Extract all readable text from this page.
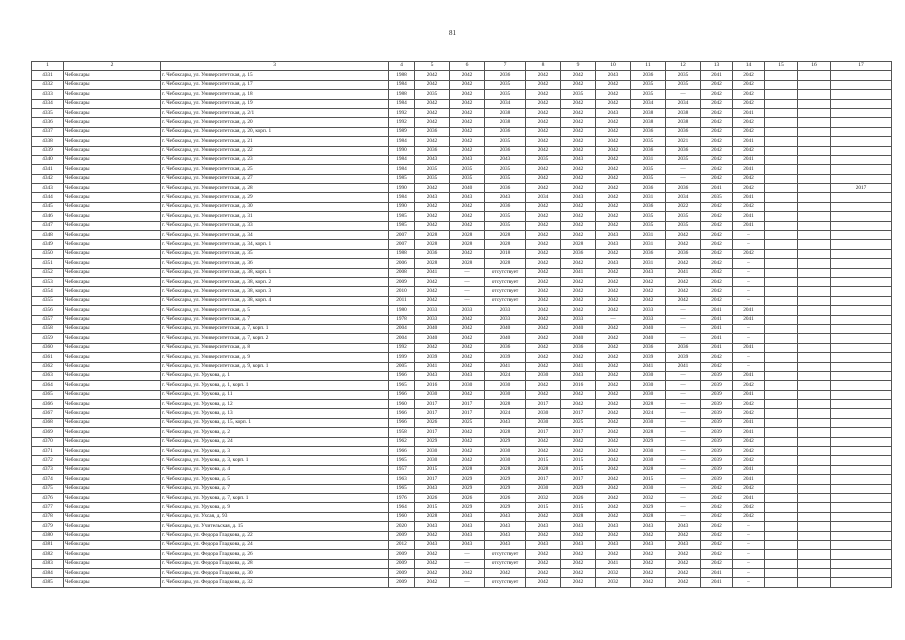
81
1	2	3	4	5	6	7	8	9	10	11	12	13	14	15	16	17
4331	Чебоксары	г. Чебоксары, ул. Университетская, д. 15	1988	2042	2042	2036	2042	2042	2043	2036	2035	2041	2042			
4332	Чебоксары	г. Чебоксары, ул. Университетская, д. 17	1984	2042	2042	2035	2042	2042	2042	2035	2035	2042	2042			
4333	Чебоксары	г. Чебоксары, ул. Университетская, д. 18	1988	2035	2042	2035	2042	2035	2042	2035	—	2042	2042			
4334	Чебоксары	г. Чебоксары, ул. Университетская, д. 19	1984	2042	2042	2034	2042	2042	2042	2034	2034	2042	2042			
4335	Чебоксары	г. Чебоксары, ул. Университетская, д. 2/1	1992	2042	2042	2038	2042	2042	2043	2038	2038	2042	2041			
4336	Чебоксары	г. Чебоксары, ул. Университетская, д. 20	1992	2042	2042	2038	2042	2042	2042	2038	2038	2042	2042			
4337	Чебоксары	г. Чебоксары, ул. Университетская, д. 20, корп. 1	1989	2036	2042	2036	2042	2042	2042	2036	2036	2042	2042			
4338	Чебоксары	г. Чебоксары, ул. Университетская, д. 21	1984	2042	2042	2035	2042	2042	2042	2035	2021	2042	2041			
4339	Чебоксары	г. Чебоксары, ул. Университетская, д. 22	1990	2036	2042	2036	2042	2042	2042	2036	2036	2042	2042			
4340	Чебоксары	г. Чебоксары, ул. Университетская, д. 23	1984	2043	2043	2043	2035	2043	2042	2031	2035	2042	2041			
4341	Чебоксары	г. Чебоксары, ул. Университетская, д. 25	1984	2035	2035	2035	2042	2042	2042	2035	—	2042	2041			
4342	Чебоксары	г. Чебоксары, ул. Университетская, д. 27	1985	2035	2035	2035	2042	2042	2042	2035	—	2042	2042			
4343	Чебоксары	г. Чебоксары, ул. Университетская, д. 28	1990	2042	2040	2036	2042	2042	2042	2036	2036	2041	2042			2017
4344	Чебоксары	г. Чебоксары, ул. Университетская, д. 29	1984	2043	2043	2043	2034	2043	2042	2031	2034	2035	2041			
4345	Чебоксары	г. Чебоксары, ул. Университетская, д. 30	1990	2042	2042	2036	2042	2042	2042	2036	2022	2042	2042			
4346	Чебоксары	г. Чебоксары, ул. Университетская, д. 31	1985	2042	2042	2035	2042	2042	2042	2035	2035	2042	2041			
4347	Чебоксары	г. Чебоксары, ул. Университетская, д. 33	1985	2042	2042	2035	2042	2042	2042	2035	2035	2042	2041			
4348	Чебоксары	г. Чебоксары, ул. Университетская, д. 34	2007	2028	2028	2028	2042	2042	2043	2031	2042	2042	–			
4349	Чебоксары	г. Чебоксары, ул. Университетская, д. 34, корп. 1	2007	2028	2028	2028	2042	2028	2043	2031	2042	2042	–			
4350	Чебоксары	г. Чебоксары, ул. Университетская, д. 35	1988	2036	2042	2018	2042	2036	2042	2036	2036	2042	2042			
4351	Чебоксары	г. Чебоксары, ул. Университетская, д. 36	2006	2028	2028	2028	2042	2042	2043	2031	2042	2042	–			
4352	Чебоксары	г. Чебоксары, ул. Университетская, д. 38, корп. 1	2008	2041	—	отсутствует	2042	2041	2042	2043	2041	2042	–			
4353	Чебоксары	г. Чебоксары, ул. Университетская, д. 38, корп. 2	2009	2042	—	отсутствует	2042	2042	2042	2042	2042	2042	–			
4354	Чебоксары	г. Чебоксары, ул. Университетская, д. 38, корп. 3	2010	2042	—	отсутствует	2042	2042	2042	2042	2042	2042	–			
4355	Чебоксары	г. Чебоксары, ул. Университетская, д. 38, корп. 4	2011	2042	—	отсутствует	2042	2042	2042	2042	2042	2042	–			
4356	Чебоксары	г. Чебоксары, ул. Университетская, д. 5	1980	2033	2033	2033	2042	2042	2042	2033	—	2041	2041			
4357	Чебоксары	г. Чебоксары, ул. Университетская, д. 7	1978	2033	2042	2033	2042	2033	—	2033	—	2041	2041			
4358	Чебоксары	г. Чебоксары, ул. Университетская, д. 7, корп. 1	2004	2040	2042	2040	2042	2040	2042	2040	—	2041	–			
4359	Чебоксары	г. Чебоксары, ул. Университетская, д. 7, корп. 2	2004	2040	2042	2040	2042	2040	2042	2040	—	2041	–			
4360	Чебоксары	г. Чебоксары, ул. Университетская, д. 8	1992	2042	2042	2036	2042	2036	2042	2036	2036	2041	2041			
4361	Чебоксары	г. Чебоксары, ул. Университетская, д. 9	1999	2039	2042	2039	2042	2042	2042	2039	2039	2042	–			
4362	Чебоксары	г. Чебоксары, ул. Университетская, д. 9, корп. 1	2005	2041	2042	2041	2042	2041	2042	2041	2041	2042	–			
4363	Чебоксары	г. Чебоксары, ул. Урукова, д. 1	1966	2043	2043	2024	2030	2043	2042	2030	—	2039	2041			
4364	Чебоксары	г. Чебоксары, ул. Урукова, д. 1, корп. 1	1965	2016	2030	2030	2042	2016	2042	2030	—	2039	2042			
4365	Чебоксары	г. Чебоксары, ул. Урукова, д. 11	1966	2030	2042	2030	2042	2042	2042	2030	—	2039	2041			
4366	Чебоксары	г. Чебоксары, ул. Урукова, д. 12	1960	2017	2017	2028	2017	2042	2042	2028	—	2039	2042			
4367	Чебоксары	г. Чебоксары, ул. Урукова, д. 13	1966	2017	2017	2024	2030	2017	2042	2024	—	2039	2042			
4368	Чебоксары	г. Чебоксары, ул. Урукова, д. 15, корп. 1	1966	2026	2025	2043	2030	2025	2042	2030	—	2039	2041			
4369	Чебоксары	г. Чебоксары, ул. Урукова, д. 2	1958	2017	2042	2028	2017	2017	2042	2028	—	2039	2041			
4370	Чебоксары	г. Чебоксары, ул. Урукова, д. 24	1962	2029	2042	2029	2042	2042	2042	2029	—	2039	2042			
4371	Чебоксары	г. Чебоксары, ул. Урукова, д. 3	1966	2030	2042	2030	2042	2042	2042	2030	—	2039	2042			
4372	Чебоксары	г. Чебоксары, ул. Урукова, д. 3, корп. 1	1965	2030	2042	2030	2015	2015	2042	2030	—	2039	2042			
4373	Чебоксары	г. Чебоксары, ул. Урукова, д. 4	1957	2015	2028	2028	2028	2015	2042	2028	—	2039	2041			
4374	Чебоксары	г. Чебоксары, ул. Урукова, д. 5	1963	2017	2029	2029	2017	2017	2042	2015	—	2039	2041			
4375	Чебоксары	г. Чебоксары, ул. Урукова, д. 7	1965	2043	2029	2029	2030	2029	2042	2030	—	2042	2042			
4376	Чебоксары	г. Чебоксары, ул. Урукова, д. 7, корп. 1	1976	2026	2026	2026	2032	2026	2042	2032	—	2042	2041			
4377	Чебоксары	г. Чебоксары, ул. Урукова, д. 9	1964	2015	2029	2029	2015	2015	2042	2029	—	2042	2042			
4378	Чебоксары	г. Чебоксары, ул. Ухсая, д. 93	1960	2028	2043	2043	2042	2028	2042	2028	—	2042	2042			
4379	Чебоксары	г. Чебоксары, ул. Учительская, д. 15	2020	2043	2043	2043	2043	2043	2043	2043	2043	2042	–			
4380	Чебоксары	г. Чебоксары, ул. Федора Гладкова, д. 22	2009	2042	2043	2043	2042	2042	2042	2042	2042	2042	–			
4381	Чебоксары	г. Чебоксары, ул. Федора Гладкова, д. 24	2012	2043	2043	2043	2043	2043	2043	2043	2043	2042	–			
4382	Чебоксары	г. Чебоксары, ул. Федора Гладкова, д. 26	2009	2042	—	отсутствует	2042	2042	2042	2042	2042	2042	–			
4383	Чебоксары	г. Чебоксары, ул. Федора Гладкова, д. 28	2009	2042	—	отсутствует	2042	2042	2041	2042	2042	2042	–			
4384	Чебоксары	г. Чебоксары, ул. Федора Гладкова, д. 30	2009	2042	2042	2042	2042	2042	2032	2042	2042	2041	–			
4385	Чебоксары	г. Чебоксары, ул. Федора Гладкова, д. 32	2009	2042	—	отсутствует	2042	2042	2032	2042	2042	2041	–			
